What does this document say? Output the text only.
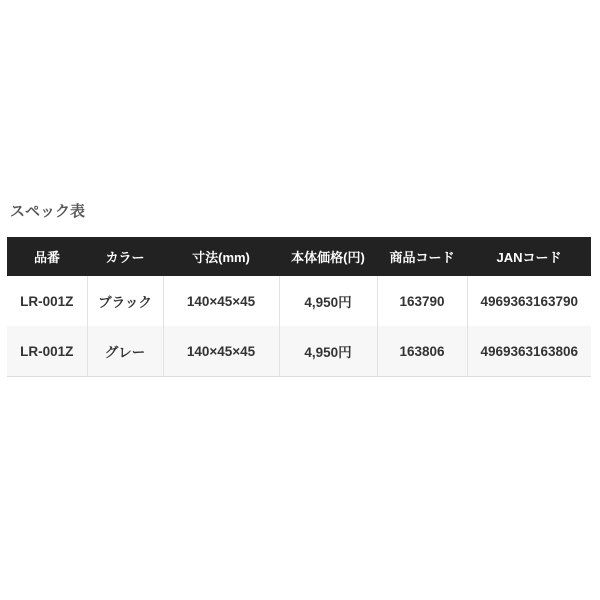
スペック表
品番	カラー	寸法(mm)	本体価格(円)	商品コード	JANコード
LR-001Z	ブラック	140×45×45	4,950円	163790	4969363163790
LR-001Z	グレー	140×45×45	4,950円	163806	4969363163806
